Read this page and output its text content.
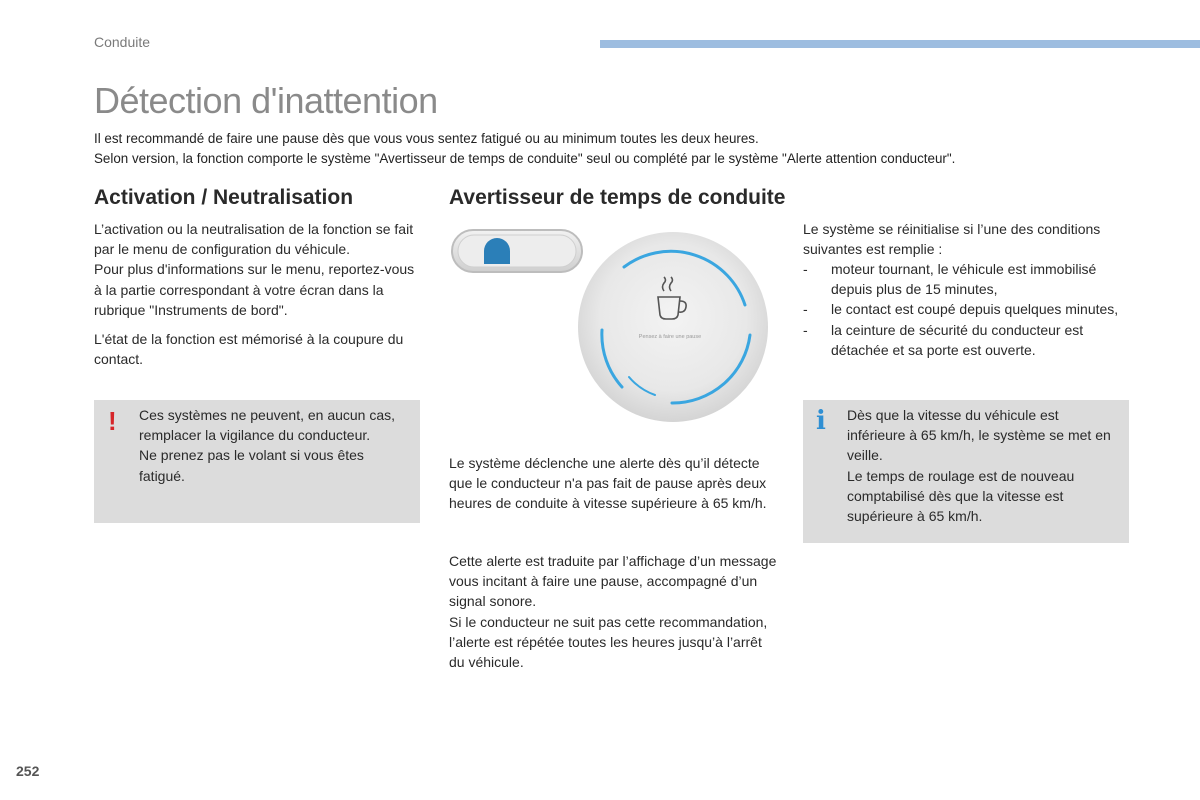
Conduite
Détection d'inattention

Il est recommandé de faire une pause dès que vous vous sentez fatigué ou au minimum toutes les deux heures.

Selon version, la fonction comporte le système "Avertisseur de temps de conduite" seul ou complété par le système "Alerte attention conducteur".

Activation / Neutralisation

L’activation ou la neutralisation de la fonction se fait par le menu de configuration du véhicule.
Pour plus d'informations sur le menu, reportez-vous à la partie correspondant à votre écran dans la rubrique "Instruments de bord".

L'état de la fonction est mémorisé à la coupure du contact.

! Ces systèmes ne peuvent, en aucun cas, remplacer la vigilance du conducteur.
Ne prenez pas le volant si vous êtes fatigué.

Avertisseur de temps de conduite
Pensez à faire une pause

Le système déclenche une alerte dès qu’il détecte que le conducteur n'a pas fait de pause après deux heures de conduite à vitesse supérieure à 65 km/h.

Cette alerte est traduite par l’affichage d’un message vous incitant à faire une pause, accompagné d’un signal sonore.
Si le conducteur ne suit pas cette recommandation, l’alerte est répétée toutes les heures jusqu’à l’arrêt du véhicule.

Le système se réinitialise si l’une des conditions suivantes est remplie :

- moteur tournant, le véhicule est immobilisé depuis plus de 15 minutes,
- le contact est coupé depuis quelques minutes,
- la ceinture de sécurité du conducteur est détachée et sa porte est ouverte.
i Dès que la vitesse du véhicule est inférieure à 65 km/h, le système se met en veille.
Le temps de roulage est de nouveau comptabilisé dès que la vitesse est supérieure à 65 km/h.

252
